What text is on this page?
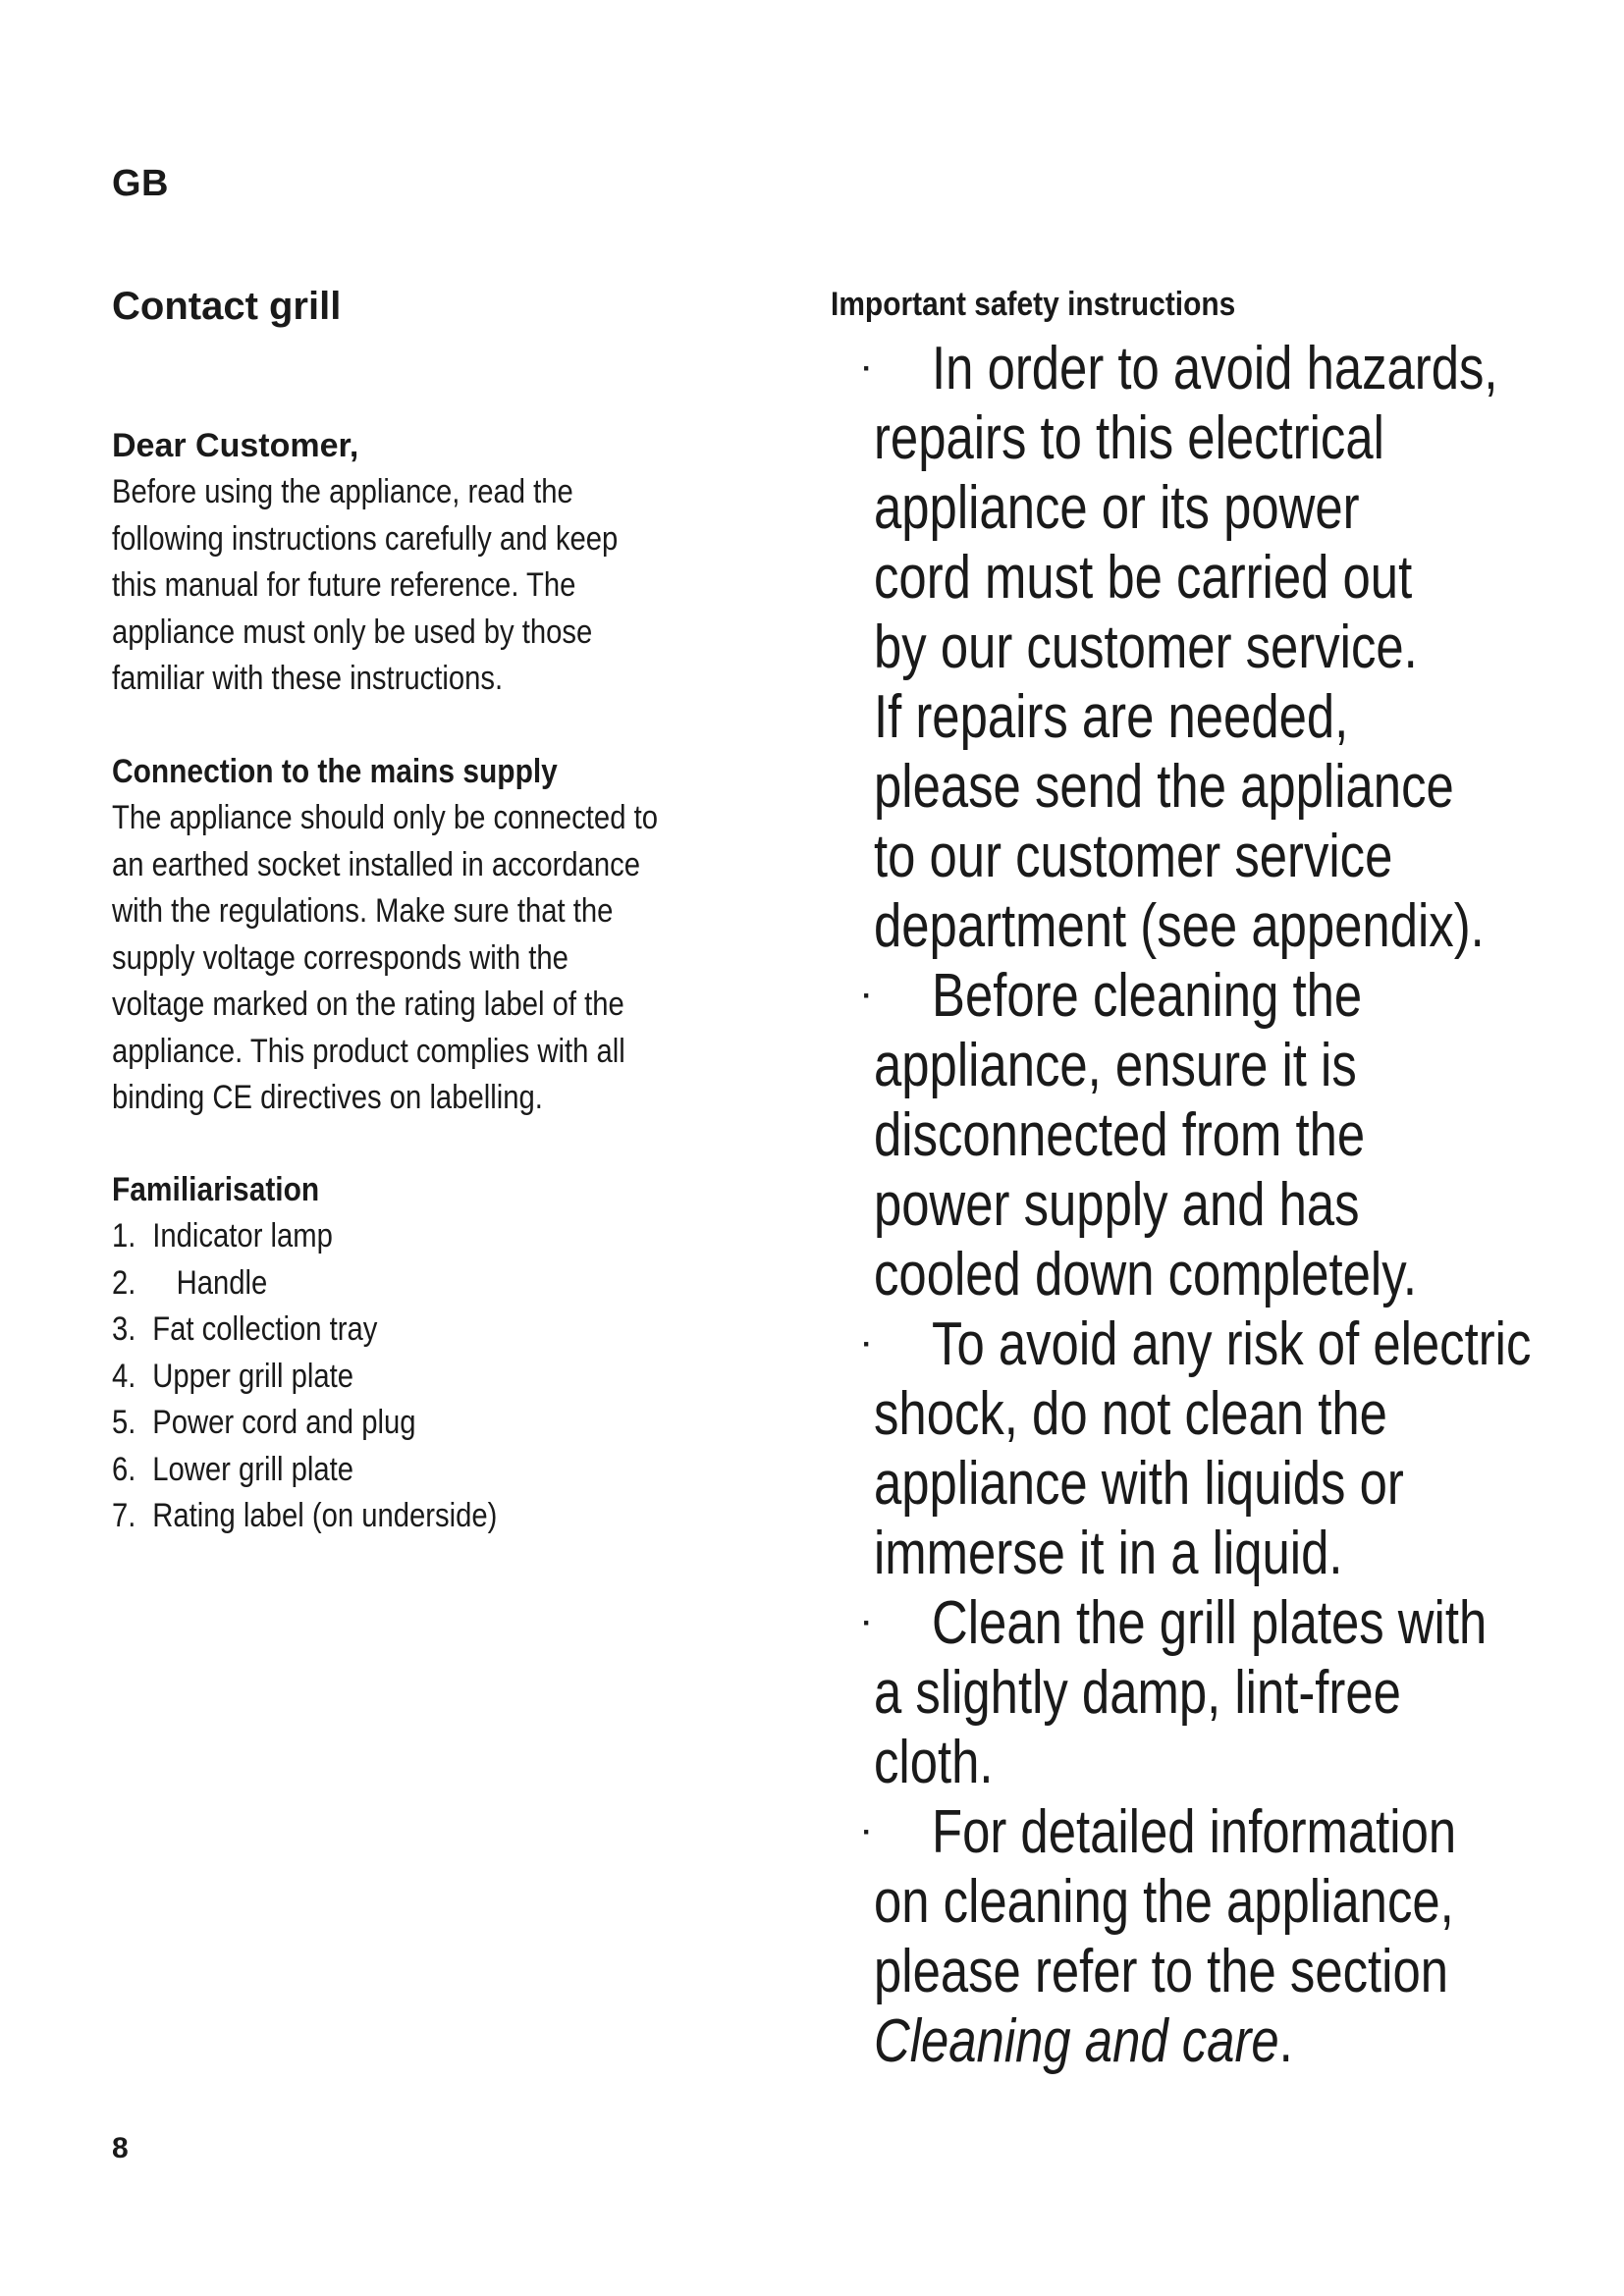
GB
Contact grill
Dear Customer,

Before using the appliance, read the
following instructions carefully and keep
this manual for future reference. The
appliance must only be used by those
familiar with these instructions.

Connection to the mains supply

The appliance should only be connected to
an earthed socket installed in accordance
with the regulations. Make sure that the
supply voltage corresponds with the
voltage marked on the rating label of the
appliance. This product complies with all
binding CE directives on labelling.

Familiarisation
1. Indicator lamp
2. Handle
3. Fat collection tray
4. Upper grill plate
5. Power cord and plug
6. Lower grill plate
7. Rating label (on underside)
Important safety instructions
· In order to avoid hazards,
repairs to this electrical
appliance or its power
cord must be carried out
by our customer service.
If repairs are needed,
please send the appliance
to our customer service
department (see appendix).
· Before cleaning the
appliance, ensure it is
disconnected from the
power supply and has
cooled down completely.
· To avoid any risk of electric
shock, do not clean the
appliance with liquids or
immerse it in a liquid.
· Clean the grill plates with
a slightly damp, lint-free
cloth.
· For detailed information
on cleaning the appliance,
please refer to the section
Cleaning and care.
8
